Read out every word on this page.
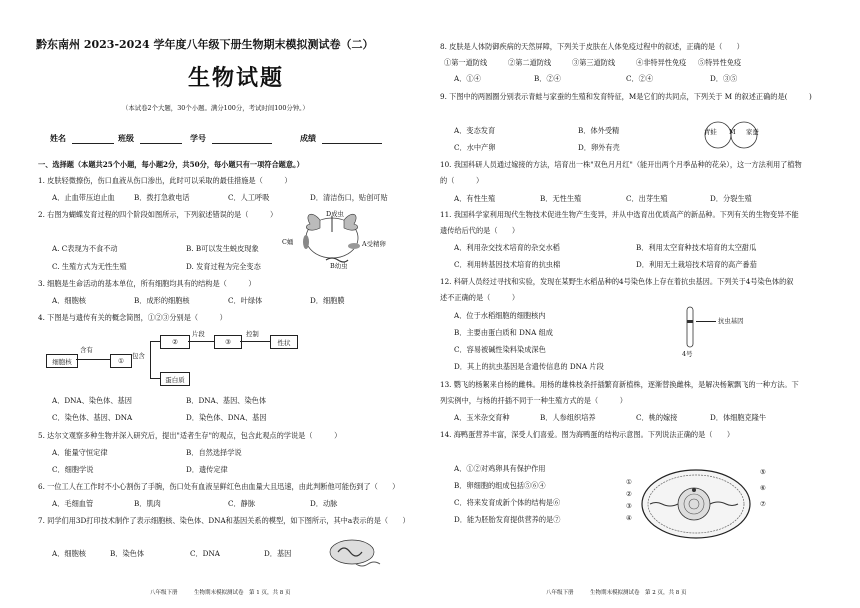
黔东南州 2023-2024 学年度八年级下册生物期末模拟测试卷（二）
生物试题
（本试卷2个大题，30个小题。满分100分，考试时间100分钟。）
姓名	班级	学号	成绩
一、选择题（本题共25个小题，每小题2分，共50分，每小题只有一项符合题意。）
1. 皮肤轻微擦伤，伤口血液从伤口渗出，此时可以采取的最佳措施是（　　　）
A．止血带压迫止血	B．拨打急救电话	C．人工呼吸	D．清洁伤口，贴创可贴
2. 右图为蝴蝶发育过程的四个阶段如图所示，下列叙述错误的是（　　　）	D成虫
A受精卵
B幼虫
C蛹
A. C表现为不食不动	B. B可以发生蜕皮现象
C. 生殖方式为无性生殖	D. 发育过程为完全变态
3. 细胞是生命活动的基本单位，所有细胞均具有的结构是（　　　）
A．细胞核	B．成形的细胞核	C．叶绿体	D．细胞膜
4. 下图是与遗传有关的概念简图，①②③分别是（　　　）
细胞核
含有
①
包含
②
片段
③
控制
性状
蛋白质
A．DNA、染色体、基因	B．DNA、基因、染色体
C．染色体、基因、DNA	D．染色体、DNA、基因
5. 达尔文观察多种生物并深入研究后，提出"适者生存"的观点，包含此观点的学说是（　　　）
A．能量守恒定律	B．自然选择学说
C．细胞学说	D．遗传定律
6. 一位工人在工作时不小心割伤了手腕，伤口处有血液呈鲜红色由血量大且迅速，由此判断他可能伤到了（　　）
A．毛细血管	B．肌肉	C．静脉	D．动脉
7. 同学们用3D打印技术制作了表示细胞核、染色体、DNA和基因关系的模型，如下图所示，其中a表示的是（　　）
A．细胞核	B．染色体	C．DNA	D．基因
八年级下册　　　生物期末模拟测试卷　第 1 页，共 8 页
8. 皮肤是人体防御疾病的天然屏障，下列关于皮肤在人体免疫过程中的叙述，正确的是（　　）
①第一道防线	②第二道防线	③第三道防线	④非特异性免疫 ⑤特异性免疫
A．①④	B．②④	C．②④	D．③⑤
9. 下图中的两圆圈分别表示青蛙与家蚕的生殖和发育特征，M是它们的共同点，下列关于 M 的叙述正确的是(　　　)
A．变态发育	B．体外受精
C．水中产卵	D．卵外有壳
青蛙 M 家蚕
10. 我国科研人员通过嫁接的方法，培育出一株"双色月月红"（能开出两个月季品种的花朵），这一方法利用了植物
的（　　　）
A．有性生殖	B．无性生殖	C．出芽生殖	D．分裂生殖
11. 我国科学家利用现代生物技术促进生物产生变异，并从中选育出优质高产的新品种。下列有关的生物变异不能
遗传给后代的是（　　）
A．利用杂交技术培育的杂交水稻	B．利用太空育种技术培育的太空甜瓜
C．利用转基因技术培育的抗虫棉	D．利用无土栽培技术培育的高产番茄
12. 科研人员经过寻找和实验，发现在某野生水稻品种的4号染色体上存在着抗虫基因。下列关于4号染色体的叙
述不正确的是（　　　）
A．位于水稻细胞的细胞核内
B．主要由蛋白质和 DNA 组成
C．容易被碱性染料染成深色
D．其上的抗虫基因是含遗传信息的 DNA 片段
抗虫基因
4号
13. 鹦飞的杨絮来自杨的雌株。用杨的雄株枝条扦插繁育新植株，逐渐替换雌株，是解决杨絮飘飞的一种方法。下
列实例中，与杨的扦插不同于一种生殖方式的是（　　　）
A．玉米杂交育种	B．人参组织培养	C．桃的嫁接	D．体细胞克隆牛
14. 海鸭蛋营养丰富，深受人们喜爱。图为海鸭蛋的结构示意图。下列说法正确的是（　　）
A．①②对鸡卵具有保护作用
B．卵细胞的组成包括⑤⑥④
C．将来发育成新个体的结构是⑥
D．能为胚胎发育提供营养的是⑦
①
②
③
④
⑤
⑥
⑦
八年级下册　　　生物期末模拟测试卷　第 2 页，共 8 页
